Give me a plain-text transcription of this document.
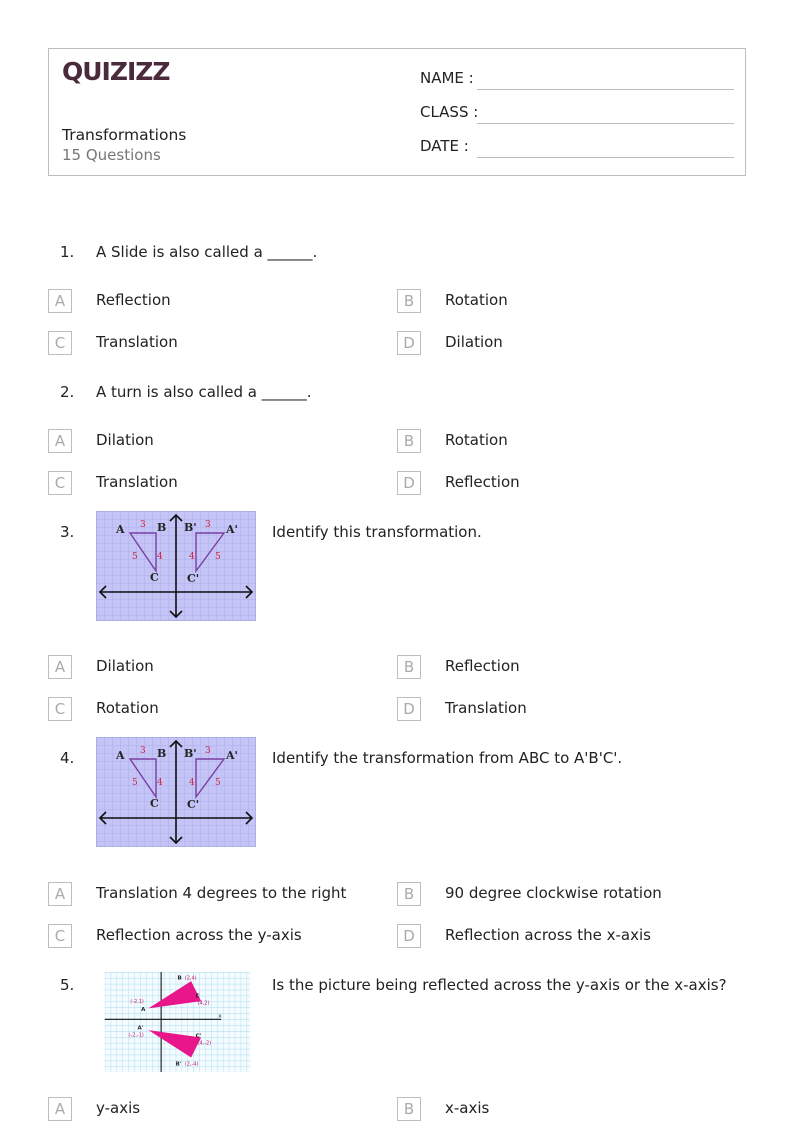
QUIZIZZ
Transformations
15 Questions
NAME :
CLASS :
DATE :
1. A Slide is also called a ______.
A	Reflection	B	Rotation
C	Translation	D	Dilation
2. A turn is also called a ______.
A	Dilation	B	Rotation
C	Translation	D	Reflection
3.	A	B
C
B'	A'
C'
3
4
5
3
4 5
Identify this transformation.
A	Dilation	B	Reflection
C	Rotation	D	Translation
4.	A	B
C
B'	A'
C'
3
4
5
3
4 5
Identify the transformation from ABC to A'B'C'.
A	Translation 4 degrees to the right	B	90 degree clockwise rotation
C	Reflection across the y-axis	D	Reflection across the x-axis
5.
x
B (2,4)
(-2,1)
A
C
(4,2)
A'
(-2,-1)	C'
(4,-2)
B' (2,-4)
Is the picture being reflected across the y-axis or the x-axis?
A	y-axis	B	x-axis
